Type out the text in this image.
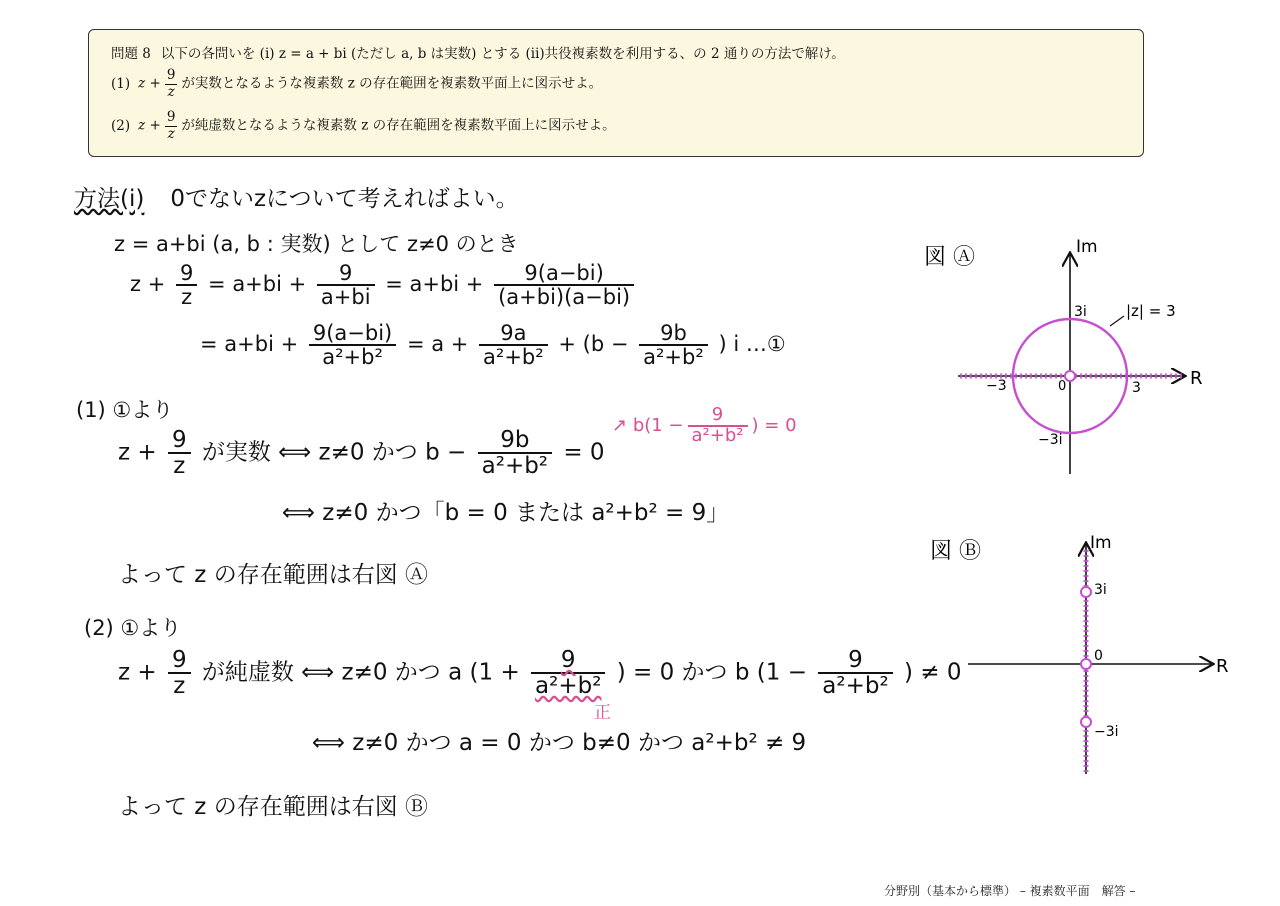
問題 8 以下の各問いを (i) z = a + bi (ただし a, b は実数) とする (ii)共役複素数を利用する、の 2 通りの方法で解け。
(1) $z + \frac{9}{z}$ が実数となるような複素数 z の存在範囲を複素数平面上に図示せよ。
(2) $z + \frac{9}{z}$ が純虚数となるような複素数 z の存在範囲を複素数平面上に図示せよ。
方法(i) 0でないzについて考えればよい。
z = a+bi (a, b : 実数) として z≠0 のとき
$z + \frac{9}{z} = a+bi + \frac{9}{a+bi} = a+bi + \frac{9(a-bi)}{(a+bi)(a-bi)}$
= $a+bi + \frac{9(a-bi)}{\text{a²+b²}} = a + \frac{9a}{\text{a²+b²}} + (b - \frac{9b}{\text{a²+b²}}$ ) i …①
(1) ①より
$z + \frac{9}{z}$ が実数 ⟺ z≠0 かつ $b - \frac{9b}{\text{a²+b²}} = 0$
↗ $b(1 - \frac{9}{\text{a²+b²}}$ ) = 0
⟺ z≠0 かつ「b = 0 または a²+b² = 9」
よって z の存在範囲は右図 Ⓐ
(2) ①より
$z + \frac{9}{z}$ が純虚数 ⟺ z≠0 かつ a ($1 + \frac{9}{\text{a²+b²}}$ ) = 0 かつ b ($1 - \frac{9}{\text{a²+b²}}$ ) ≠ 0
正
⟺ z≠0 かつ a = 0 かつ b≠0 かつ a²+b² ≠ 9
よって z の存在範囲は右図 Ⓑ
図 Ⓐ	Im
R
3i
−3i
3
−3	0
|z| = 3
図 Ⓑ	Im
R
3i
0
−3i
分野別（基本から標準） – 複素数平面　解答 –
